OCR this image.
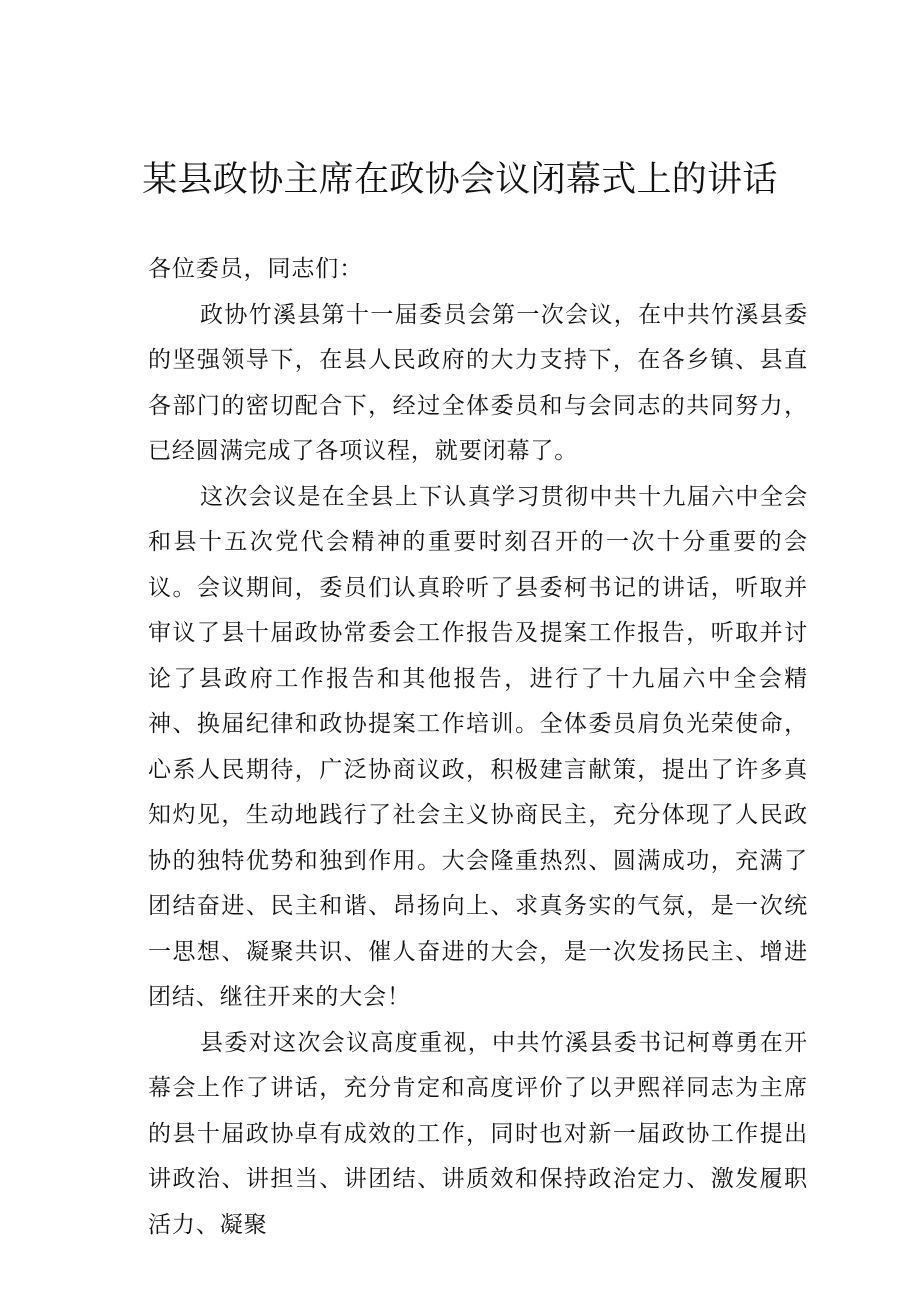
某县政协主席在政协会议闭幕式上的讲话

各位委员，同志们：

政协竹溪县第十一届委员会第一次会议，在中共竹溪县委的坚强领导下，在县人民政府的大力支持下，在各乡镇、县直各部门的密切配合下，经过全体委员和与会同志的共同努力，已经圆满完成了各项议程，就要闭幕了。

这次会议是在全县上下认真学习贯彻中共十九届六中全会和县十五次党代会精神的重要时刻召开的一次十分重要的会议。会议期间，委员们认真聆听了县委柯书记的讲话，听取并审议了县十届政协常委会工作报告及提案工作报告，听取并讨论了县政府工作报告和其他报告，进行了十九届六中全会精神、换届纪律和政协提案工作培训。全体委员肩负光荣使命，心系人民期待，广泛协商议政，积极建言献策，提出了许多真知灼见，生动地践行了社会主义协商民主，充分体现了人民政协的独特优势和独到作用。大会隆重热烈、圆满成功，充满了团结奋进、民主和谐、昂扬向上、求真务实的气氛，是一次统一思想、凝聚共识、催人奋进的大会，是一次发扬民主、增进团结、继往开来的大会！

县委对这次会议高度重视，中共竹溪县委书记柯尊勇在开幕会上作了讲话，充分肯定和高度评价了以尹熙祥同志为主席的县十届政协卓有成效的工作，同时也对新一届政协工作提出讲政治、讲担当、讲团结、讲质效和保持政治定力、激发履职活力、凝聚
